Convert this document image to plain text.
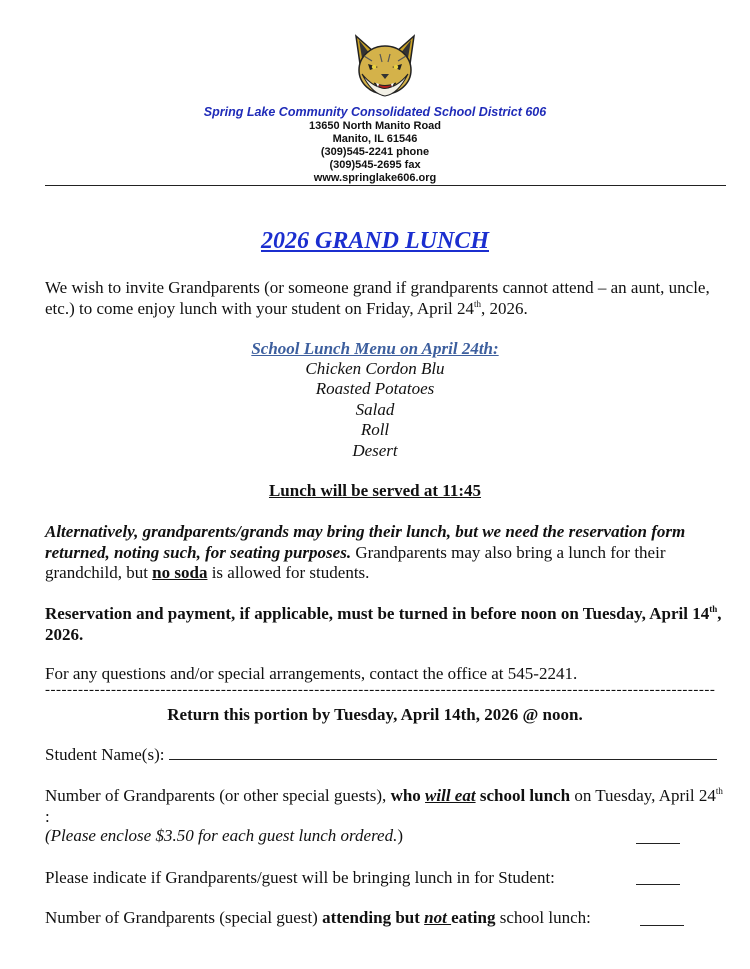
Spring Lake Community Consolidated School District 606
13650 North Manito Road
Manito, IL 61546
(309)545-2241 phone
(309)545-2695 fax
www.springlake606.org
2026 GRAND LUNCH
We wish to invite Grandparents (or someone grand if grandparents cannot attend – an aunt, uncle, etc.) to come enjoy lunch with your student on Friday, April 24th, 2026.
School Lunch Menu on April 24th:
Chicken Cordon Blu
Roasted Potatoes
Salad
Roll
Desert
Lunch will be served at 11:45
Alternatively, grandparents/grands may bring their lunch, but we need the reservation form returned, noting such, for seating purposes. Grandparents may also bring a lunch for their grandchild, but no soda is allowed for students.
Reservation and payment, if applicable, must be turned in before noon on Tuesday, April 14th, 2026.
For any questions and/or special arrangements, contact the office at 545-2241.
--------------------------------------------------------------------------------------------------------------------------
Return this portion by Tuesday, April 14th, 2026 @ noon.
Student Name(s):
Number of Grandparents (or other special guests), who will eat school lunch on Tuesday, April 24th :
(Please enclose $3.50 for each guest lunch ordered.)
Please indicate if Grandparents/guest will be bringing lunch in for Student:
Number of Grandparents (special guest) attending but not eating school lunch:
